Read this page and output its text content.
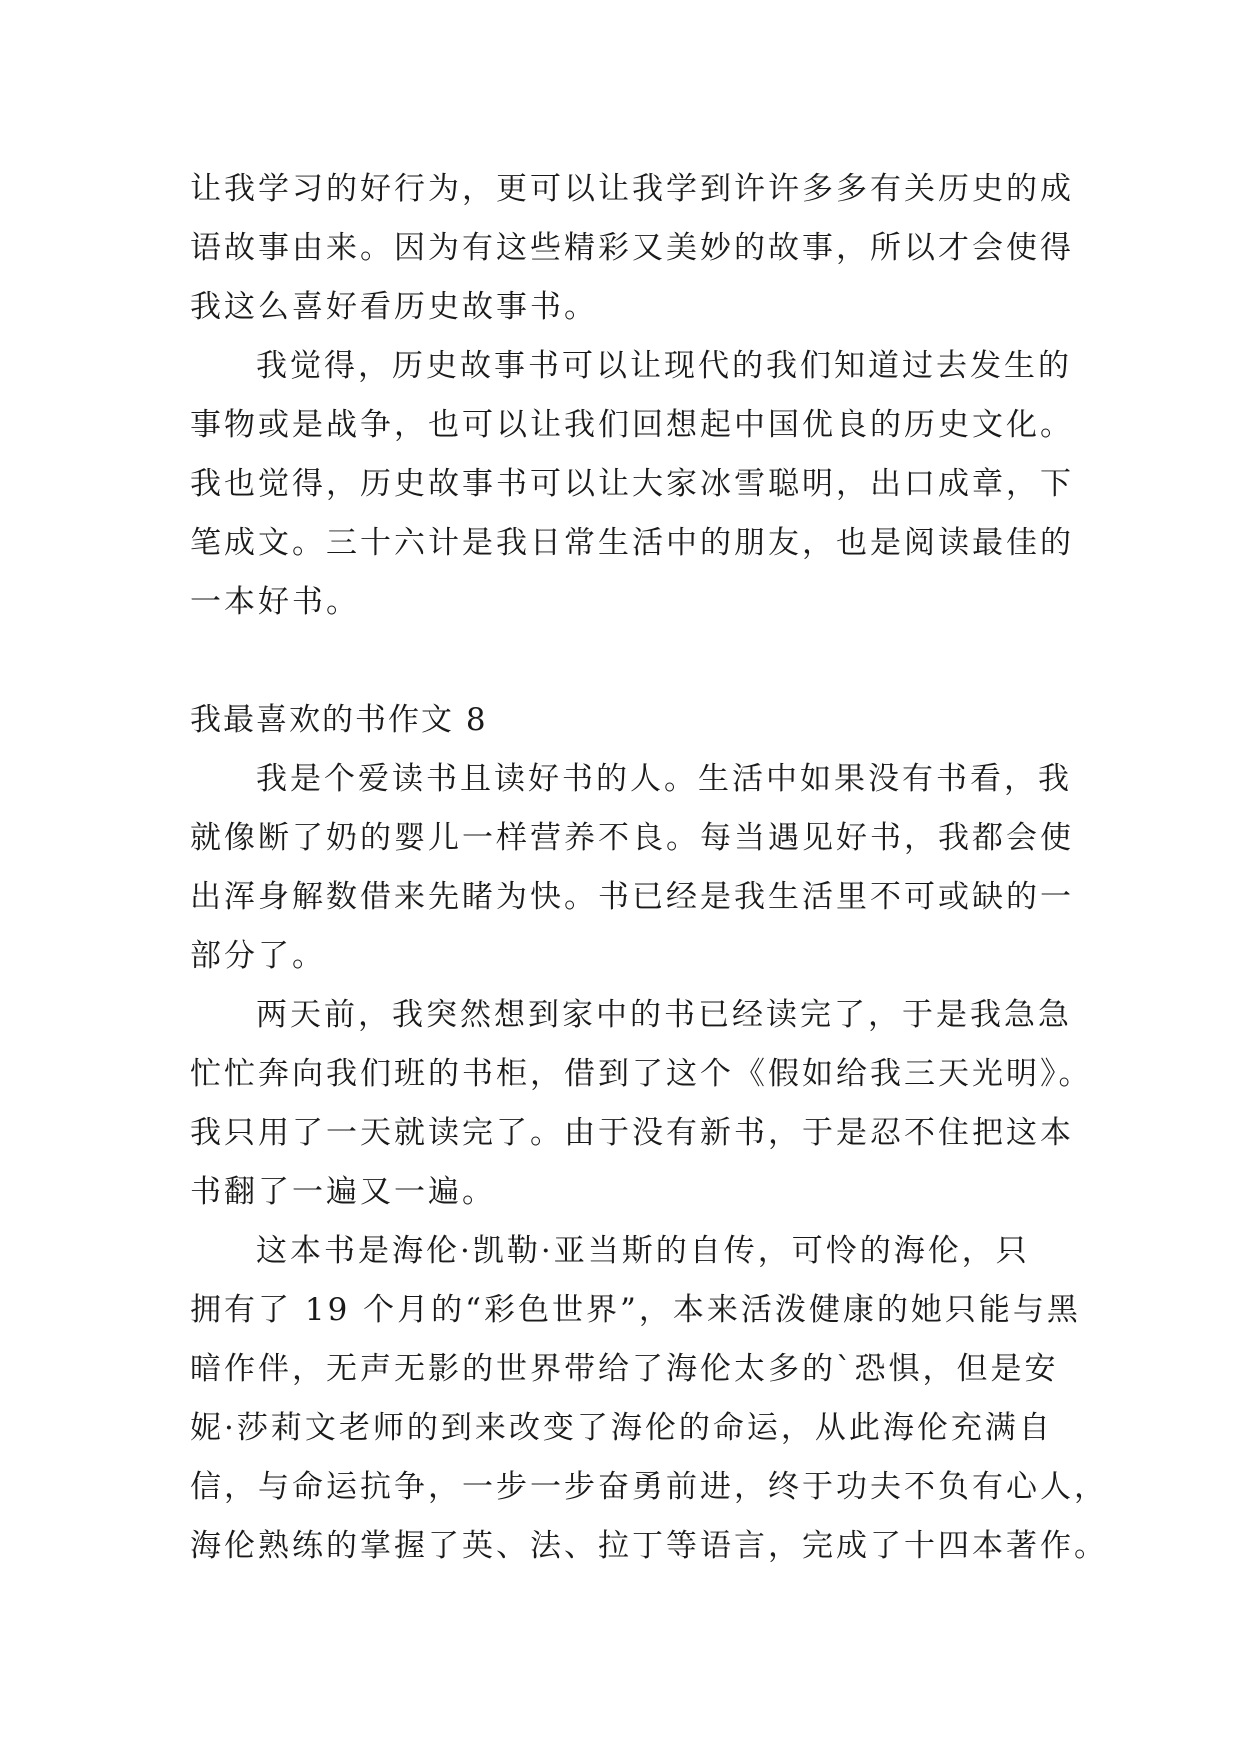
让我学习的好行为，更可以让我学到许许多多有关历史的成
语故事由来。因为有这些精彩又美妙的故事，所以才会使得
我这么喜好看历史故事书。
我觉得，历史故事书可以让现代的我们知道过去发生的
事物或是战争，也可以让我们回想起中国优良的历史文化。
我也觉得，历史故事书可以让大家冰雪聪明，出口成章，下
笔成文。三十六计是我日常生活中的朋友，也是阅读最佳的
一本好书。
我最喜欢的书作文 8
我是个爱读书且读好书的人。生活中如果没有书看，我
就像断了奶的婴儿一样营养不良。每当遇见好书，我都会使
出浑身解数借来先睹为快。书已经是我生活里不可或缺的一
部分了。
两天前，我突然想到家中的书已经读完了，于是我急急
忙忙奔向我们班的书柜，借到了这个《假如给我三天光明》。
我只用了一天就读完了。由于没有新书，于是忍不住把这本
书翻了一遍又一遍。
这本书是海伦·凯勒·亚当斯的自传，可怜的海伦，只
拥有了 19 个月的“彩色世界”，本来活泼健康的她只能与黑
暗作伴，无声无影的世界带给了海伦太多的`恐惧，但是安
妮·莎莉文老师的到来改变了海伦的命运，从此海伦充满自
信，与命运抗争，一步一步奋勇前进，终于功夫不负有心人，
海伦熟练的掌握了英、法、拉丁等语言，完成了十四本著作。
